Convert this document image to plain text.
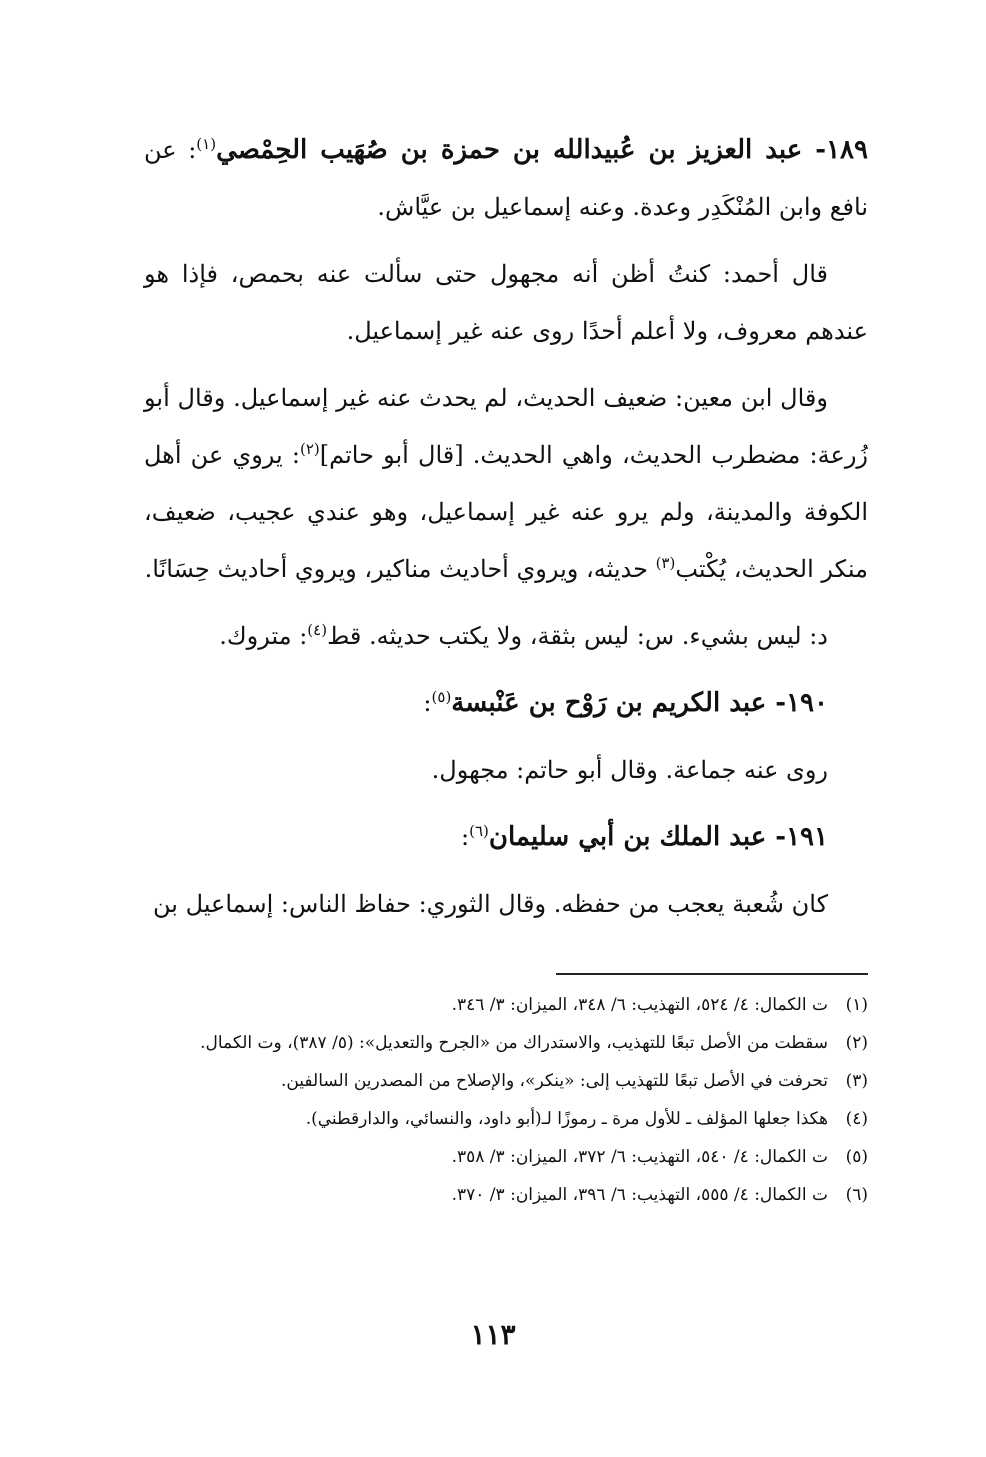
١٨٩- عبد العزيز بن عُبيدالله بن حمزة بن صُهَيب الحِمْصي$^{(١)}$: عن نافع وابن المُنْكَدِر وعدة. وعنه إسماعيل بن عيَّاش.

قال أحمد: كنتُ أظن أنه مجهول حتى سألت عنه بحمص، فإذا هو عندهم معروف، ولا أعلم أحدًا روى عنه غير إسماعيل.

وقال ابن معين: ضعيف الحديث، لم يحدث عنه غير إسماعيل. وقال أبو زُرعة: مضطرب الحديث، واهي الحديث. [قال أبو حاتم]$^{(٢)}$: يروي عن أهل الكوفة والمدينة، ولم يرو عنه غير إسماعيل، وهو عندي عجيب، ضعيف، منكر الحديث، يُكْتب$^{(٣)}$ حديثه، ويروي أحاديث مناكير، ويروي أحاديث حِسَانًا.

د: ليس بشيء. س: ليس بثقة، ولا يكتب حديثه. قط$^{(٤)}$: متروك.

١٩٠- عبد الكريم بن رَوْح بن عَنْبسة$^{(٥)}$:

روى عنه جماعة. وقال أبو حاتم: مجهول.

١٩١- عبد الملك بن أبي سليمان$^{(٦)}$:

كان شُعبة يعجب من حفظه. وقال الثوري: حفاظ الناس: إسماعيل بن

(١)
ت الكمال: ٤/ ٥٢٤، التهذيب: ٦/ ٣٤٨، الميزان: ٣/ ٣٤٦.
(٢)
سقطت من الأصل تبعًا للتهذيب، والاستدراك من «الجرح والتعديل»: (٥/ ٣٨٧)، وت الكمال.
(٣)
تحرفت في الأصل تبعًا للتهذيب إلى: «ينكر»، والإصلاح من المصدرين السالفين.
(٤)
هكذا جعلها المؤلف ـ للأول مرة ـ رموزًا لـ(أبو داود، والنسائي، والدارقطني).
(٥)
ت الكمال: ٤/ ٥٤٠، التهذيب: ٦/ ٣٧٢، الميزان: ٣/ ٣٥٨.
(٦)
ت الكمال: ٤/ ٥٥٥، التهذيب: ٦/ ٣٩٦، الميزان: ٣/ ٣٧٠.
١١٣
